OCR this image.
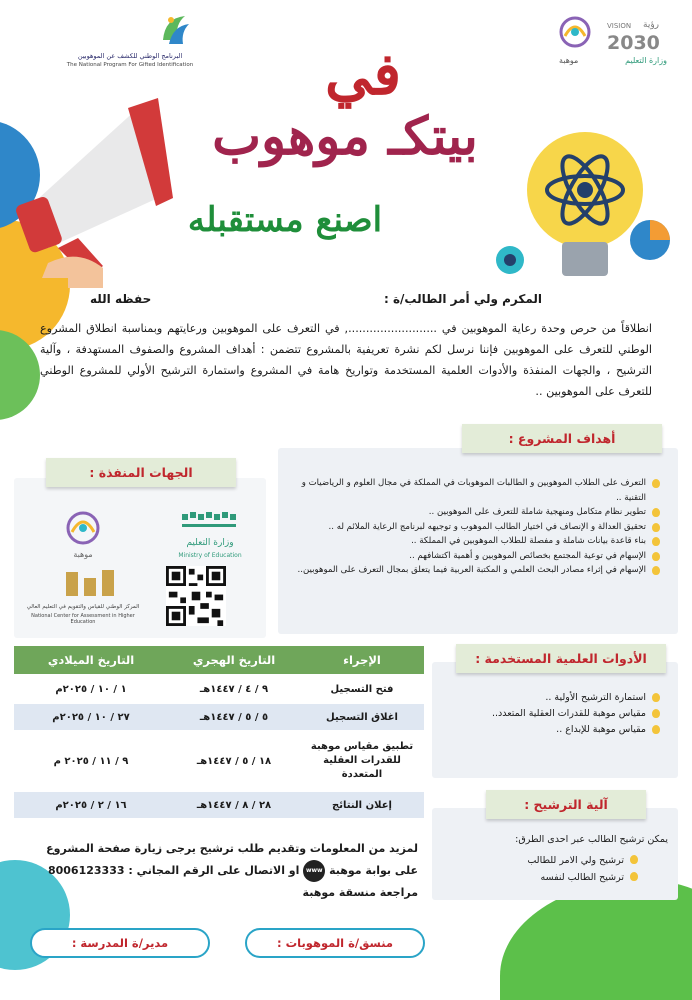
البرنامج الوطني للكشف عن الموهوبين
The National Program For Gifted Identification	موهبة
VISION رؤية
2030
وزارة التعليم
في
بيتكـ موهوب
اصنع مستقبله
المكرم ولي أمر الطالب/ة :
حفظه الله
انطلاقاً من حرص وحدة رعاية الموهوبين في ........................., في التعرف على الموهوبين ورعايتهم وبمناسبة انطلاق المشروع الوطني للتعرف على الموهوبين فإننا نرسل لكم نشرة تعريفية بالمشروع تتضمن : أهداف المشروع والصفوف المستهدفة ، وآلية الترشيح ، والجهات المنفذة والأدوات العلمية المستخدمة وتواريخ هامة في المشروع واستمارة الترشيح الأولي للمشروع الوطني للتعرف على الموهوبين ..
أهداف المشروع :
التعرف على الطلاب الموهوبين و الطالبات الموهوبات في المملكة في مجال العلوم و الرياضيات و التقنية ..
تطوير نظام متكامل ومنهجية شاملة للتعرف على الموهوبين ..
تحقيق العدالة و الإنصاف في اختيار الطالب الموهوب و توجيهه لبرنامج الرعاية الملائم له ..
بناء قاعدة بيانات شاملة و مفصلة للطلاب الموهوبين في المملكة ..
الإسهام في توعية المجتمع بخصائص الموهوبين و أهمية اكتشافهم ..
الإسهام في إثراء مصادر البحث العلمي و المكتبة العربية فيما يتعلق بمجال التعرف على الموهوبين..
الجهات المنفذة :
وزارة التعليم
Ministry of Education
موهبة
المركز الوطني للقياس والتقويم في التعليم العالي
National Center for Assessment in Higher Education
الإجراء	التاريخ الهجري	التاريخ الميلادي
فتح التسجيل	٩ / ٤ / ١٤٤٧هـ	١ / ١٠ / ٢٠٢٥م
اغلاق التسجيل	٥ / ٥ / ١٤٤٧هـ	٢٧ / ١٠ / ٢٠٢٥م
تطبيق مقياس موهبة للقدرات العقلية المتعددة	١٨ / ٥ / ١٤٤٧هـ	٩ / ١١ / ٢٠٢٥ م
إعلان النتائج	٢٨ / ٨ / ١٤٤٧هـ	١٦ / ٢ / ٢٠٢٥م
الأدوات العلمية المستخدمة :
استمارة الترشيح الأولية ..
مقياس موهبة للقدرات العقلية المتعدد..
مقياس موهبة للإبداع ..
آلية الترشيح :
يمكن ترشيح الطالب عبر احدى الطرق:
ترشيح ولي الامر للطالب
ترشيح الطالب لنفسه
لمزيد من المعلومات وتقديم طلب ترشيح يرجى زيارة صفحة المشروع
على بوابة موهبة www او الاتصال على الرقم المجاني : 8006123333
مراجعة منسقة موهبة
مدير/ة المدرسة :	منسق/ة الموهوبات :
